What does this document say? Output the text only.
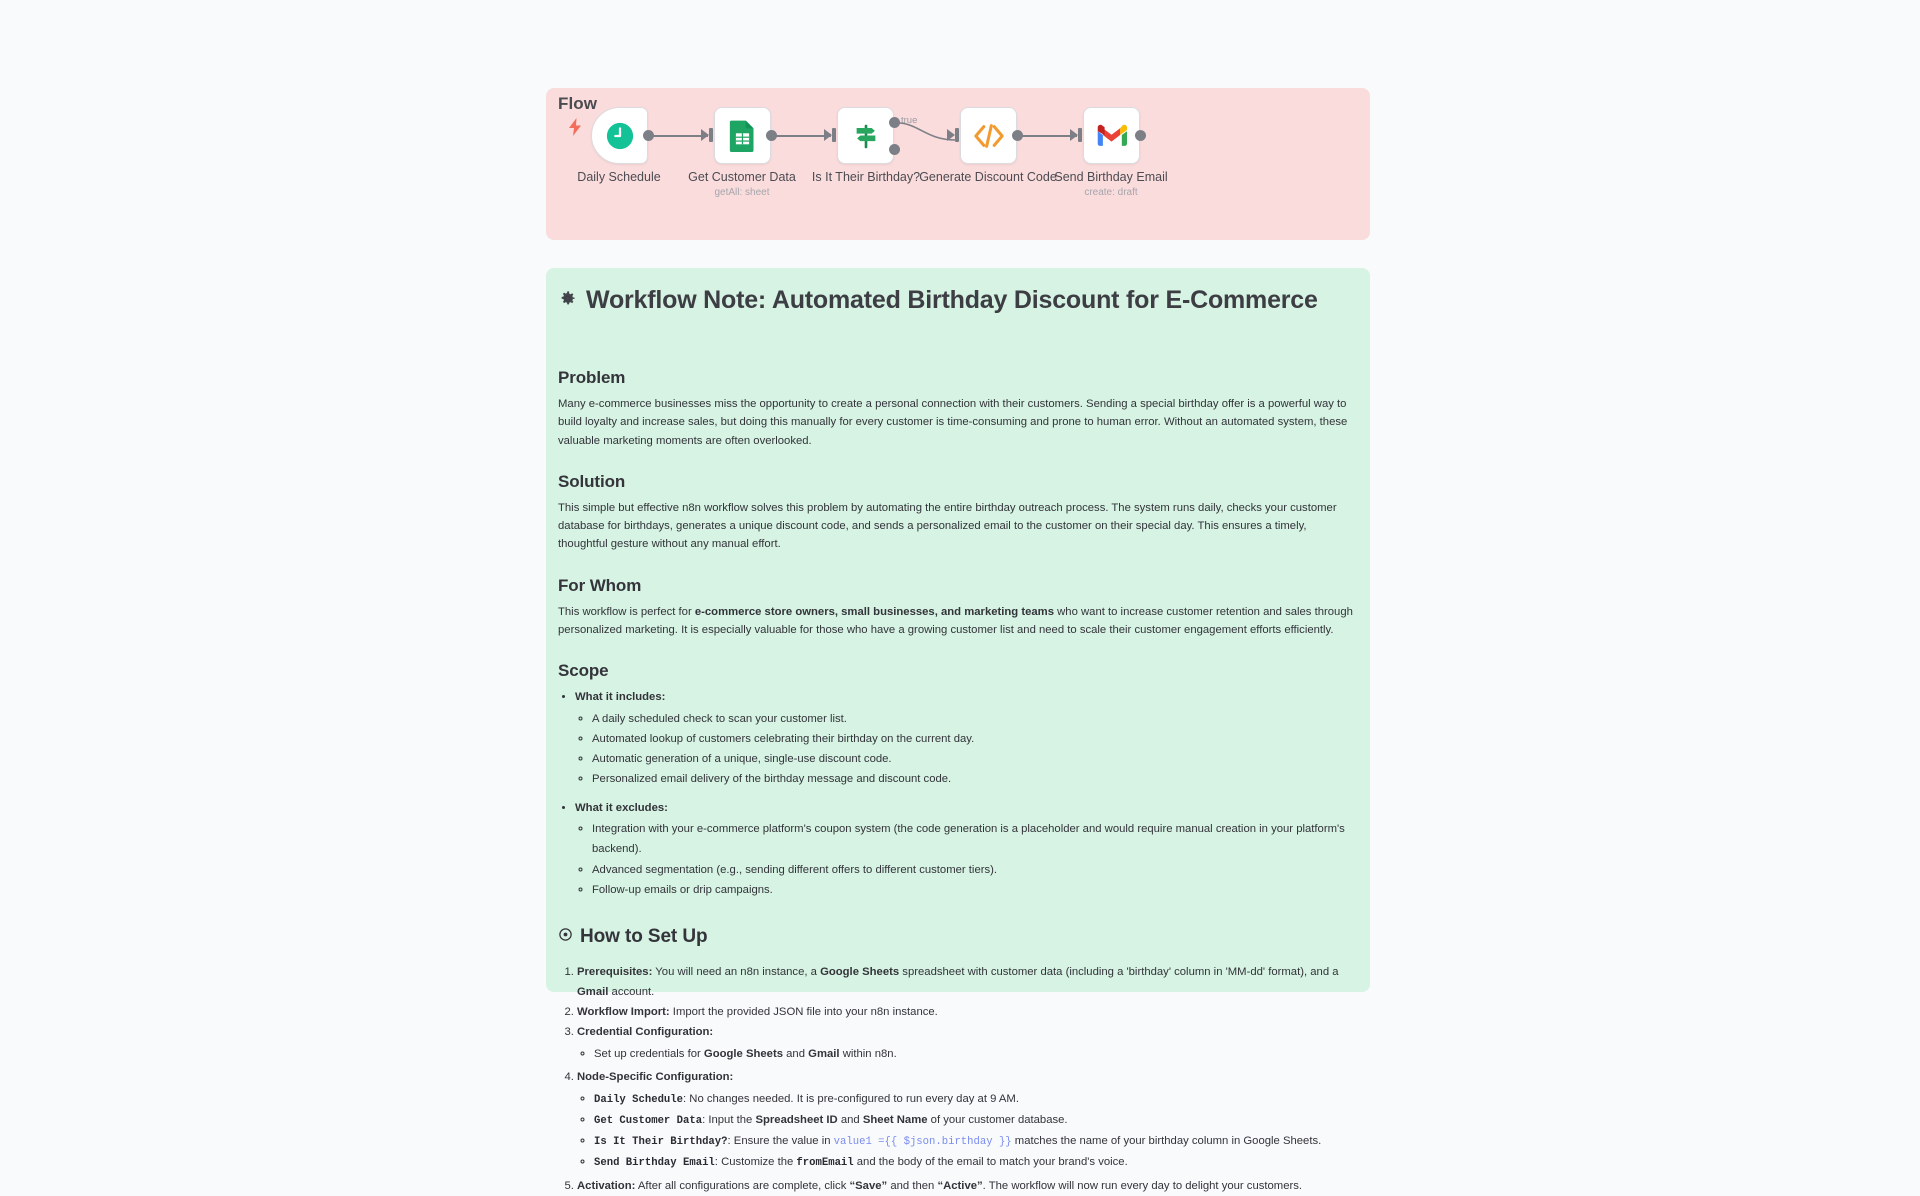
Flow
Daily Schedule Get Customer Data
getAll: sheet
true
Is It Their Birthday? Generate Discount Code
Send Birthday Email
create: draft
Workflow Note: Automated Birthday Discount for E-Commerce
Problem

Many e-commerce businesses miss the opportunity to create a personal connection with their customers. Sending a special birthday offer is a powerful way to build loyalty and increase sales, but doing this manually for every customer is time-consuming and prone to human error. Without an automated system, these valuable marketing moments are often overlooked.

Solution

This simple but effective n8n workflow solves this problem by automating the entire birthday outreach process. The system runs daily, checks your customer database for birthdays, generates a unique discount code, and sends a personalized email to the customer on their special day. This ensures a timely, thoughtful gesture without any manual effort.

For Whom

This workflow is perfect for e-commerce store owners, small businesses, and marketing teams who want to increase customer retention and sales through personalized marketing. It is especially valuable for those who have a growing customer list and need to scale their customer engagement efforts efficiently.

Scope
• What it includes:
◦ A daily scheduled check to scan your customer list.
◦ Automated lookup of customers celebrating their birthday on the current day.
◦ Automatic generation of a unique, single-use discount code.
◦ Personalized email delivery of the birthday message and discount code.
• What it excludes:
◦ Integration with your e-commerce platform's coupon system (the code generation is a placeholder and would require manual creation in your platform's backend).
◦ Advanced segmentation (e.g., sending different offers to different customer tiers).
◦ Follow-up emails or drip campaigns.
How to Set Up
1. Prerequisites: You will need an n8n instance, a Google Sheets spreadsheet with customer data (including a 'birthday' column in 'MM-dd' format), and a Gmail account.
2. Workflow Import: Import the provided JSON file into your n8n instance.
3. Credential Configuration:
◦ Set up credentials for Google Sheets and Gmail within n8n.
4. Node-Specific Configuration:
◦ Daily Schedule: No changes needed. It is pre-configured to run every day at 9 AM.
◦ Get Customer Data: Input the Spreadsheet ID and Sheet Name of your customer database.
◦ Is It Their Birthday?: Ensure the value in value1 ={{ $json.birthday }} matches the name of your birthday column in Google Sheets.
◦ Send Birthday Email: Customize the fromEmail and the body of the email to match your brand's voice.
5. Activation: After all configurations are complete, click “Save” and then “Active”. The workflow will now run every day to delight your customers.
